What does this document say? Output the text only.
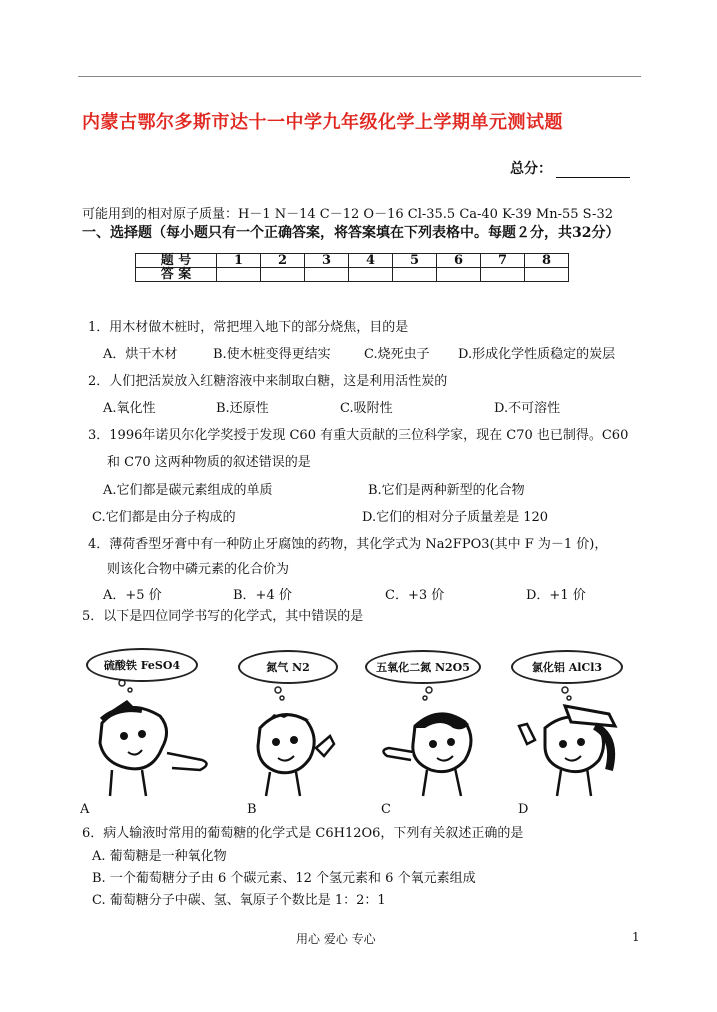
内蒙古鄂尔多斯市达十一中学九年级化学上学期单元测试题
总分：
可能用到的相对原子质量：H－1 N－14 C－12 O－16 Cl-35.5 Ca-40 K-39 Mn-55 S-32
一、选择题（每小题只有一个正确答案，将答案填在下列表格中。每题２分，共32分）
题 号	1	2	3	4	5	6	7	8
答 案								
1．用木材做木桩时，常把埋入地下的部分烧焦，目的是
A．烘干木材	B.使木桩变得更结实	C.烧死虫子 D.形成化学性质稳定的炭层
2．人们把活炭放入红糖溶液中来制取白糖，这是利用活性炭的
A.氧化性	B.还原性	C.吸附性	D.不可溶性
3．1996年诺贝尔化学奖授于发现 C60 有重大贡献的三位科学家，现在 C70 也已制得。C60
和 C70 这两种物质的叙述错误的是
A.它们都是碳元素组成的单质	B.它们是两种新型的化合物
C.它们都是由分子构成的	D.它们的相对分子质量差是 120
4．薄荷香型牙膏中有一种防止牙腐蚀的药物，其化学式为 Na2FPO3(其中 F 为－1 价)，
则该化合物中磷元素的化合价为
A．+5 价	B．+4 价	C．+3 价	D．+1 价
5．以下是四位同学书写的化学式，其中错误的是
硫酸铁 FeSO4	氮气 N2	五氧化二氮 N2O5	氯化铝 AlCl3
A	B	C	D
6．病人输液时常用的葡萄糖的化学式是 C6H12O6，下列有关叙述正确的是
A. 葡萄糖是一种氧化物
B. 一个葡萄糖分子由 6 个碳元素、12 个氢元素和 6 个氧元素组成
C. 葡萄糖分子中碳、氢、氧原子个数比是 1：2：1
用心 爱心 专心	1
